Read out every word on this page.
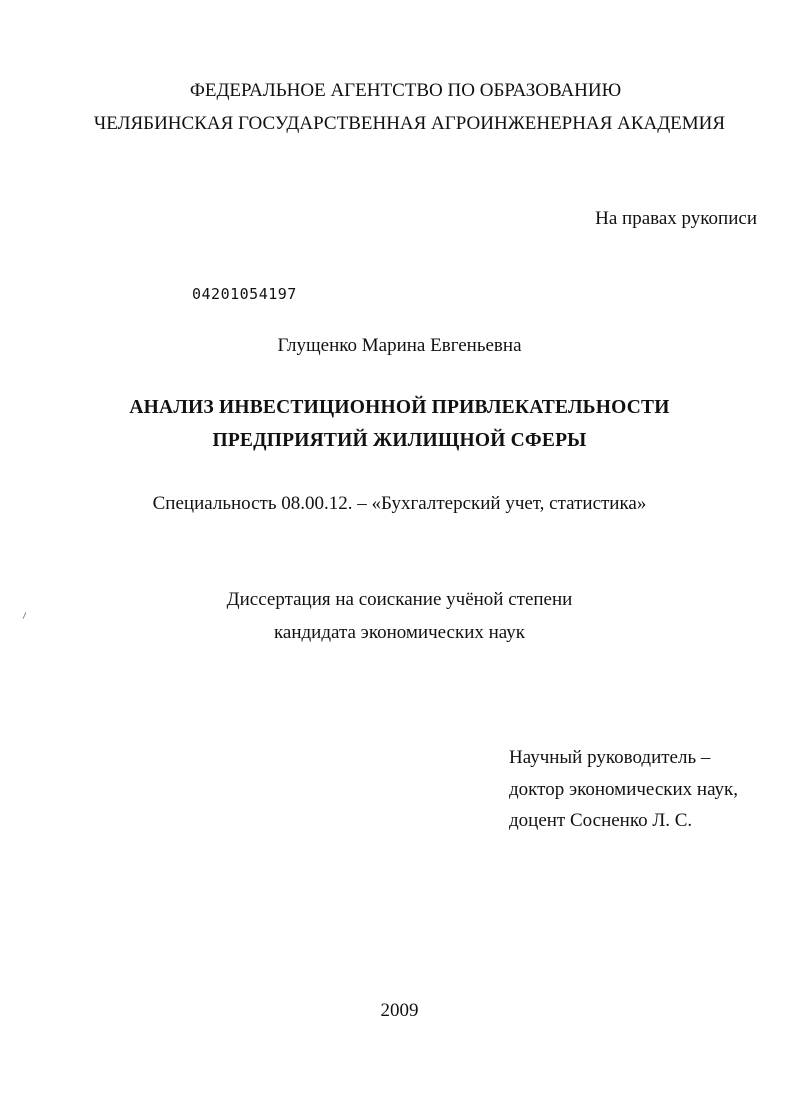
ФЕДЕРАЛЬНОЕ АГЕНТСТВО ПО ОБРАЗОВАНИЮ
ЧЕЛЯБИНСКАЯ ГОСУДАРСТВЕННАЯ АГРОИНЖЕНЕРНАЯ АКАДЕМИЯ
На правах рукописи
04201054197
Глущенко Марина Евгеньевна
АНАЛИЗ ИНВЕСТИЦИОННОЙ ПРИВЛЕКАТЕЛЬНОСТИ
ПРЕДПРИЯТИЙ ЖИЛИЩНОЙ СФЕРЫ
Специальность 08.00.12. – «Бухгалтерский учет, статистика»
Диссертация на соискание учёной степени
кандидата экономических наук
Научный руководитель –
доктор экономических наук,
доцент Сосненко Л. С.
2009
